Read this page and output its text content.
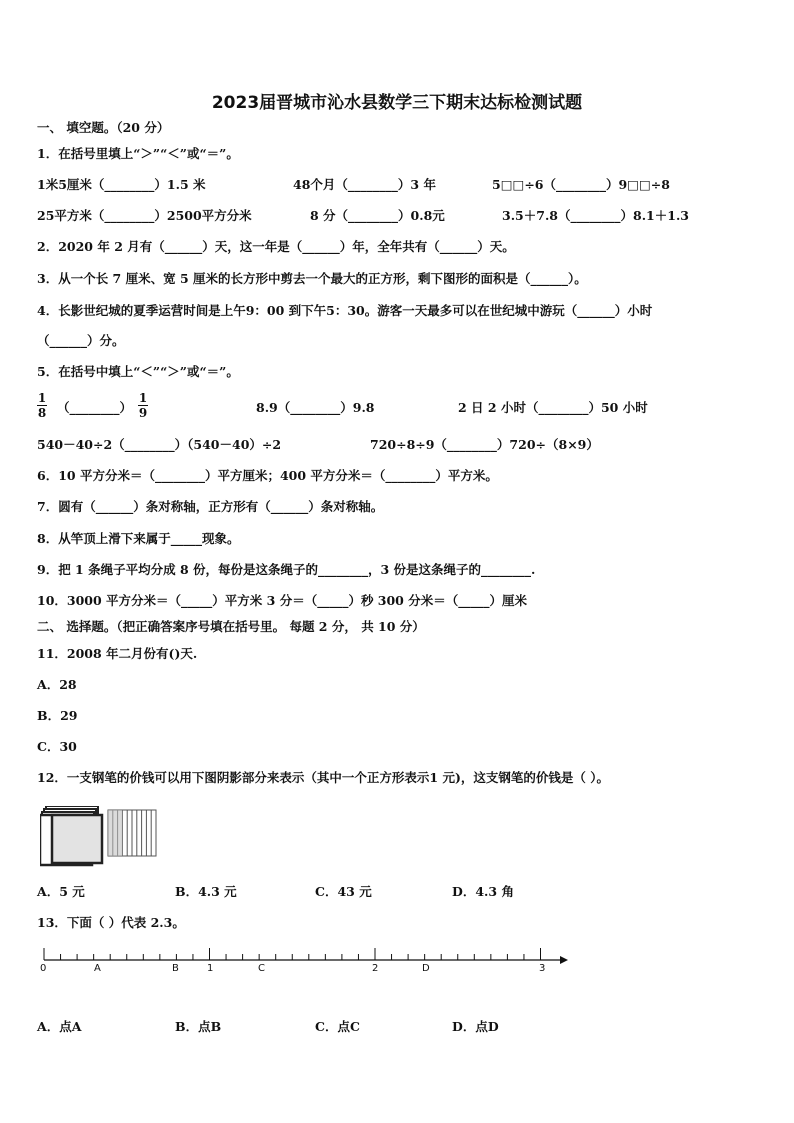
2023届晋城市沁水县数学三下期末达标检测试题
一、 填空题。（20 分）
1．在括号里填上“＞”“＜”或“＝”。
1米5厘米（________）1.5 米	48个月（________）3 年	5□□÷6（________）9□□÷8
25平方米（________）2500平方分米	8 分（________）0.8元	3.5＋7.8（________）8.1＋1.3
2．2020 年 2 月有（______）天，这一年是（______）年，全年共有（______）天。
3．从一个长 7 厘米、宽 5 厘米的长方形中剪去一个最大的正方形，剩下图形的面积是（______）。
4．长影世纪城的夏季运营时间是上午9：00 到下午5：30。游客一天最多可以在世纪城中游玩（______）小时
（______）分。
5．在括号中填上“＜”“＞”或“＝”。
$\frac{1}{8}$ （________） $\frac{1}{9}$	8.9（________）9.8	2 日 2 小时（________）50 小时
540－40÷2（________）（540－40）÷2	720÷8÷9（________）720÷（8×9）
6．10 平方分米＝（________）平方厘米；400 平方分米＝（________）平方米。
7．圆有（______）条对称轴，正方形有（______）条对称轴。
8．从竿顶上滑下来属于_____现象。
9．把 1 条绳子平均分成 8 份，每份是这条绳子的________，3 份是这条绳子的________.
10．3000 平方分米＝（_____）平方米 3 分＝（_____）秒 300 分米＝（_____）厘米
二、 选择题。（把正确答案序号填在括号里。 每题 2 分， 共 10 分）
11．2008 年二月份有()天.
A．28
B．29
C．30
12．一支钢笔的价钱可以用下图阴影部分来表示（其中一个正方形表示1 元)，这支钢笔的价钱是（ ）。
A．5 元	B．4.3 元	C．43 元	D．4.3 角
13．下面（ ）代表 2.3。
0	A	B	1	C	2	D	3
A．点A	B．点B	C．点C	D．点D
